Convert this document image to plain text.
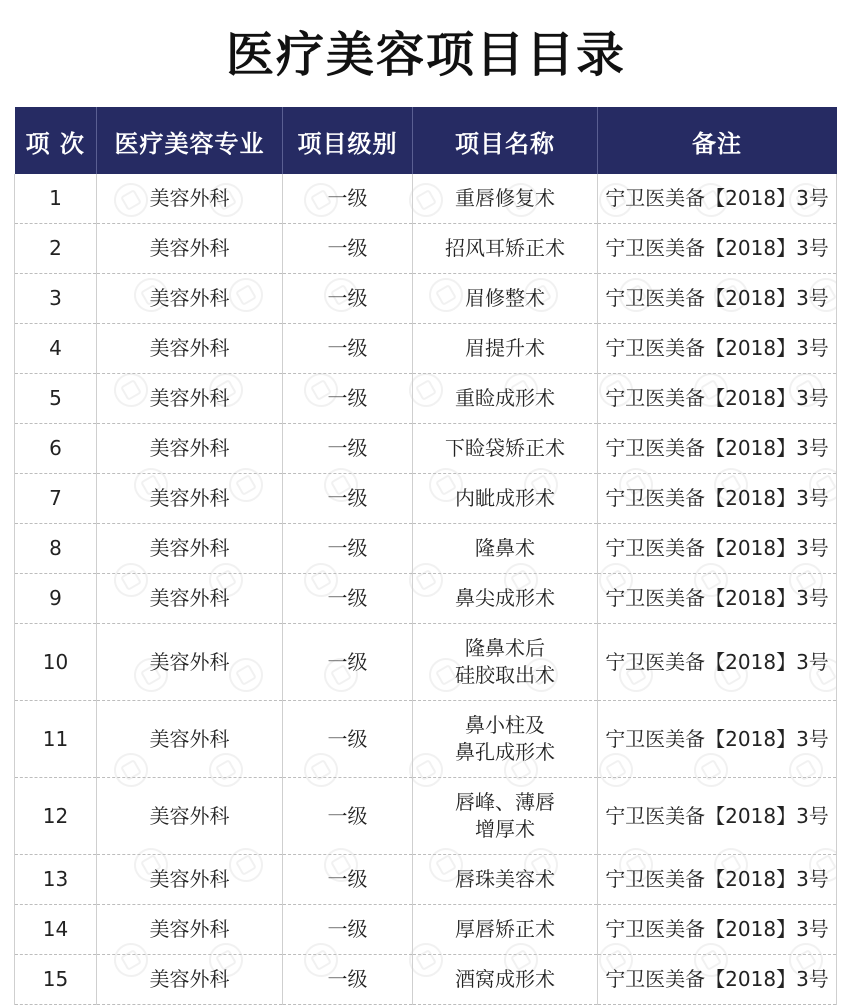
医疗美容项目目录
项 次	医疗美容专业	项目级别	项目名称	备注
1	美容外科	一级	重唇修复术	宁卫医美备【2018】3号
2	美容外科	一级	招风耳矫正术	宁卫医美备【2018】3号
3	美容外科	一级	眉修整术	宁卫医美备【2018】3号
4	美容外科	一级	眉提升术	宁卫医美备【2018】3号
5	美容外科	一级	重睑成形术	宁卫医美备【2018】3号
6	美容外科	一级	下睑袋矫正术	宁卫医美备【2018】3号
7	美容外科	一级	内眦成形术	宁卫医美备【2018】3号
8	美容外科	一级	隆鼻术	宁卫医美备【2018】3号
9	美容外科	一级	鼻尖成形术	宁卫医美备【2018】3号
10	美容外科	一级	隆鼻术后
硅胶取出术	宁卫医美备【2018】3号
11	美容外科	一级	鼻小柱及
鼻孔成形术	宁卫医美备【2018】3号
12	美容外科	一级	唇峰、薄唇
增厚术	宁卫医美备【2018】3号
13	美容外科	一级	唇珠美容术	宁卫医美备【2018】3号
14	美容外科	一级	厚唇矫正术	宁卫医美备【2018】3号
15	美容外科	一级	酒窝成形术	宁卫医美备【2018】3号
